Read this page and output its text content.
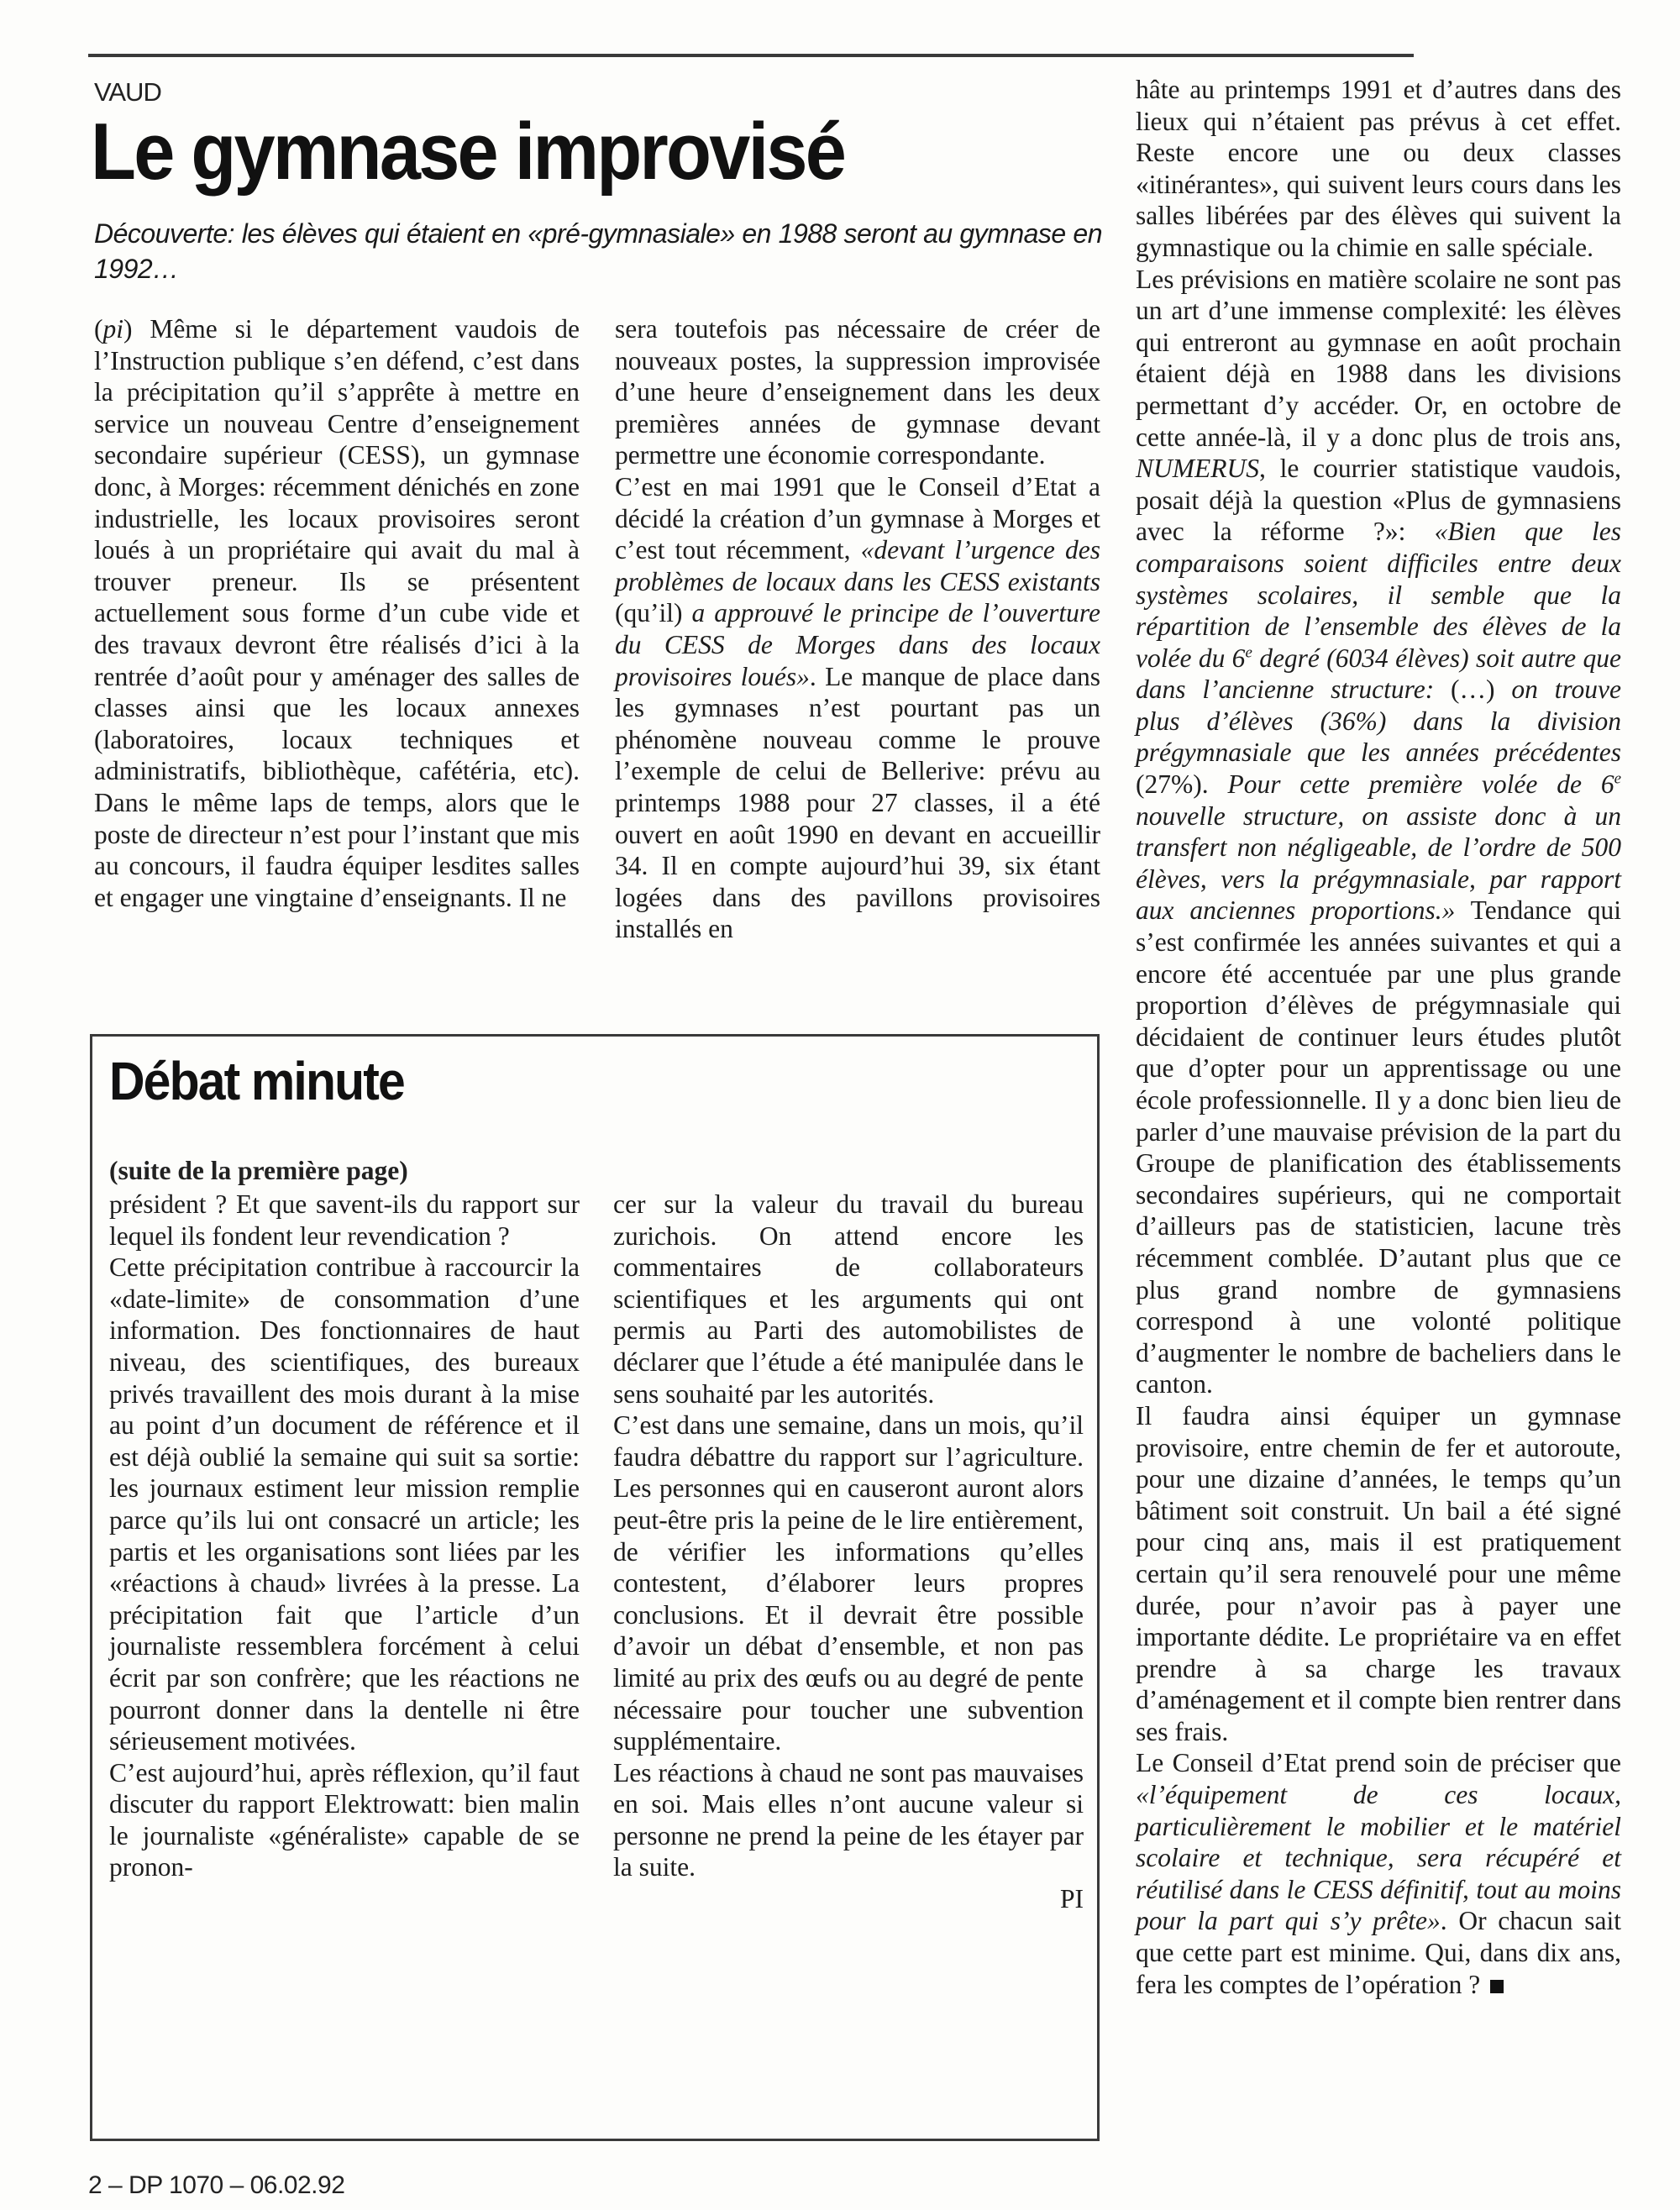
VAUD
Le gymnase improvisé
Découverte: les élèves qui étaient en «pré-gymnasiale» en 1988 seront au gymnase en 1992…

(pi) Même si le département vaudois de l’Instruction publique s’en défend, c’est dans la précipitation qu’il s’apprête à mettre en service un nouveau Centre d’enseignement secondaire supérieur (CESS), un gymnase donc, à Morges: récemment dénichés en zone industrielle, les locaux provisoires seront loués à un propriétaire qui avait du mal à trouver preneur. Ils se présentent actuellement sous forme d’un cube vide et des travaux devront être réalisés d’ici à la rentrée d’août pour y aménager des salles de classes ainsi que les locaux annexes (laboratoires, locaux techniques et administratifs, bibliothèque, cafétéria, etc). Dans le même laps de temps, alors que le poste de directeur n’est pour l’instant que mis au concours, il faudra équiper lesdites salles et engager une vingtaine d’enseignants. Il ne

sera toutefois pas nécessaire de créer de nouveaux postes, la suppression improvisée d’une heure d’enseignement dans les deux premières années de gymnase devant permettre une économie correspondante.

C’est en mai 1991 que le Conseil d’Etat a décidé la création d’un gymnase à Morges et c’est tout récemment, «devant l’urgence des problèmes de locaux dans les CESS existants (qu’il) a approuvé le principe de l’ouverture du CESS de Morges dans des locaux provisoires loués». Le manque de place dans les gymnases n’est pourtant pas un phénomène nouveau comme le prouve l’exemple de celui de Bellerive: prévu au printemps 1988 pour 27 classes, il a été ouvert en août 1990 en devant en accueillir 34. Il en compte aujourd’hui 39, six étant logées dans des pavillons provisoires installés en

hâte au printemps 1991 et d’autres dans des lieux qui n’étaient pas prévus à cet effet. Reste encore une ou deux classes «itinérantes», qui suivent leurs cours dans les salles libérées par des élèves qui suivent la gymnastique ou la chimie en salle spéciale.

Les prévisions en matière scolaire ne sont pas un art d’une immense complexité: les élèves qui entreront au gymnase en août prochain étaient déjà en 1988 dans les divisions permettant d’y accéder. Or, en octobre de cette année-là, il y a donc plus de trois ans, NUMERUS, le courrier statistique vaudois, posait déjà la question «Plus de gymnasiens avec la réforme ?»: «Bien que les comparaisons soient difficiles entre deux systèmes scolaires, il semble que la répartition de l’ensemble des élèves de la volée du 6e degré (6034 élèves) soit autre que dans l’ancienne structure: (…) on trouve plus d’élèves (36%) dans la division prégymnasiale que les années précédentes (27%). Pour cette première volée de 6e nouvelle structure, on assiste donc à un transfert non négligeable, de l’ordre de 500 élèves, vers la prégymnasiale, par rapport aux anciennes proportions.» Tendance qui s’est confirmée les années suivantes et qui a encore été accentuée par une plus grande proportion d’élèves de prégymnasiale qui décidaient de continuer leurs études plutôt que d’opter pour un apprentissage ou une école professionnelle. Il y a donc bien lieu de parler d’une mauvaise prévision de la part du Groupe de planification des établissements secondaires supérieurs, qui ne comportait d’ailleurs pas de statisticien, lacune très récemment comblée. D’autant plus que ce plus grand nombre de gymnasiens correspond à une volonté politique d’augmenter le nombre de bacheliers dans le canton.

Il faudra ainsi équiper un gymnase provisoire, entre chemin de fer et autoroute, pour une dizaine d’années, le temps qu’un bâtiment soit construit. Un bail a été signé pour cinq ans, mais il est pratiquement certain qu’il sera renouvelé pour une même durée, pour n’avoir pas à payer une importante dédite. Le propriétaire va en effet prendre à sa charge les travaux d’aménagement et il compte bien rentrer dans ses frais.

Le Conseil d’Etat prend soin de préciser que «l’équipement de ces locaux, particulièrement le mobilier et le matériel scolaire et technique, sera récupéré et réutilisé dans le CESS définitif, tout au moins pour la part qui s’y prête». Or chacun sait que cette part est minime. Qui, dans dix ans, fera les comptes de l’opération ?

Débat minute
(suite de la première page)

président ? Et que savent-ils du rapport sur lequel ils fondent leur revendication ?

Cette précipitation contribue à raccourcir la «date-limite» de consommation d’une information. Des fonctionnaires de haut niveau, des scientifiques, des bureaux privés travaillent des mois durant à la mise au point d’un document de référence et il est déjà oublié la semaine qui suit sa sortie: les journaux estiment leur mission remplie parce qu’ils lui ont consacré un article; les partis et les organisations sont liées par les «réactions à chaud» livrées à la presse. La précipitation fait que l’article d’un journaliste ressemblera forcément à celui écrit par son confrère; que les réactions ne pourront donner dans la dentelle ni être sérieusement motivées.

C’est aujourd’hui, après réflexion, qu’il faut discuter du rapport Elektrowatt: bien malin le journaliste «généraliste» capable de se pronon-

cer sur la valeur du travail du bureau zurichois. On attend encore les commentaires de collaborateurs scientifiques et les arguments qui ont permis au Parti des automobilistes de déclarer que l’étude a été manipulée dans le sens souhaité par les autorités.

C’est dans une semaine, dans un mois, qu’il faudra débattre du rapport sur l’agriculture. Les personnes qui en causeront auront alors peut-être pris la peine de le lire entièrement, de vérifier les informations qu’elles contestent, d’élaborer leurs propres conclusions. Et il devrait être possible d’avoir un débat d’ensemble, et non pas limité au prix des œufs ou au degré de pente nécessaire pour toucher une subvention supplémentaire.

Les réactions à chaud ne sont pas mauvaises en soi. Mais elles n’ont aucune valeur si personne ne prend la peine de les étayer par la suite.

PI

2 – DP 1070 – 06.02.92
